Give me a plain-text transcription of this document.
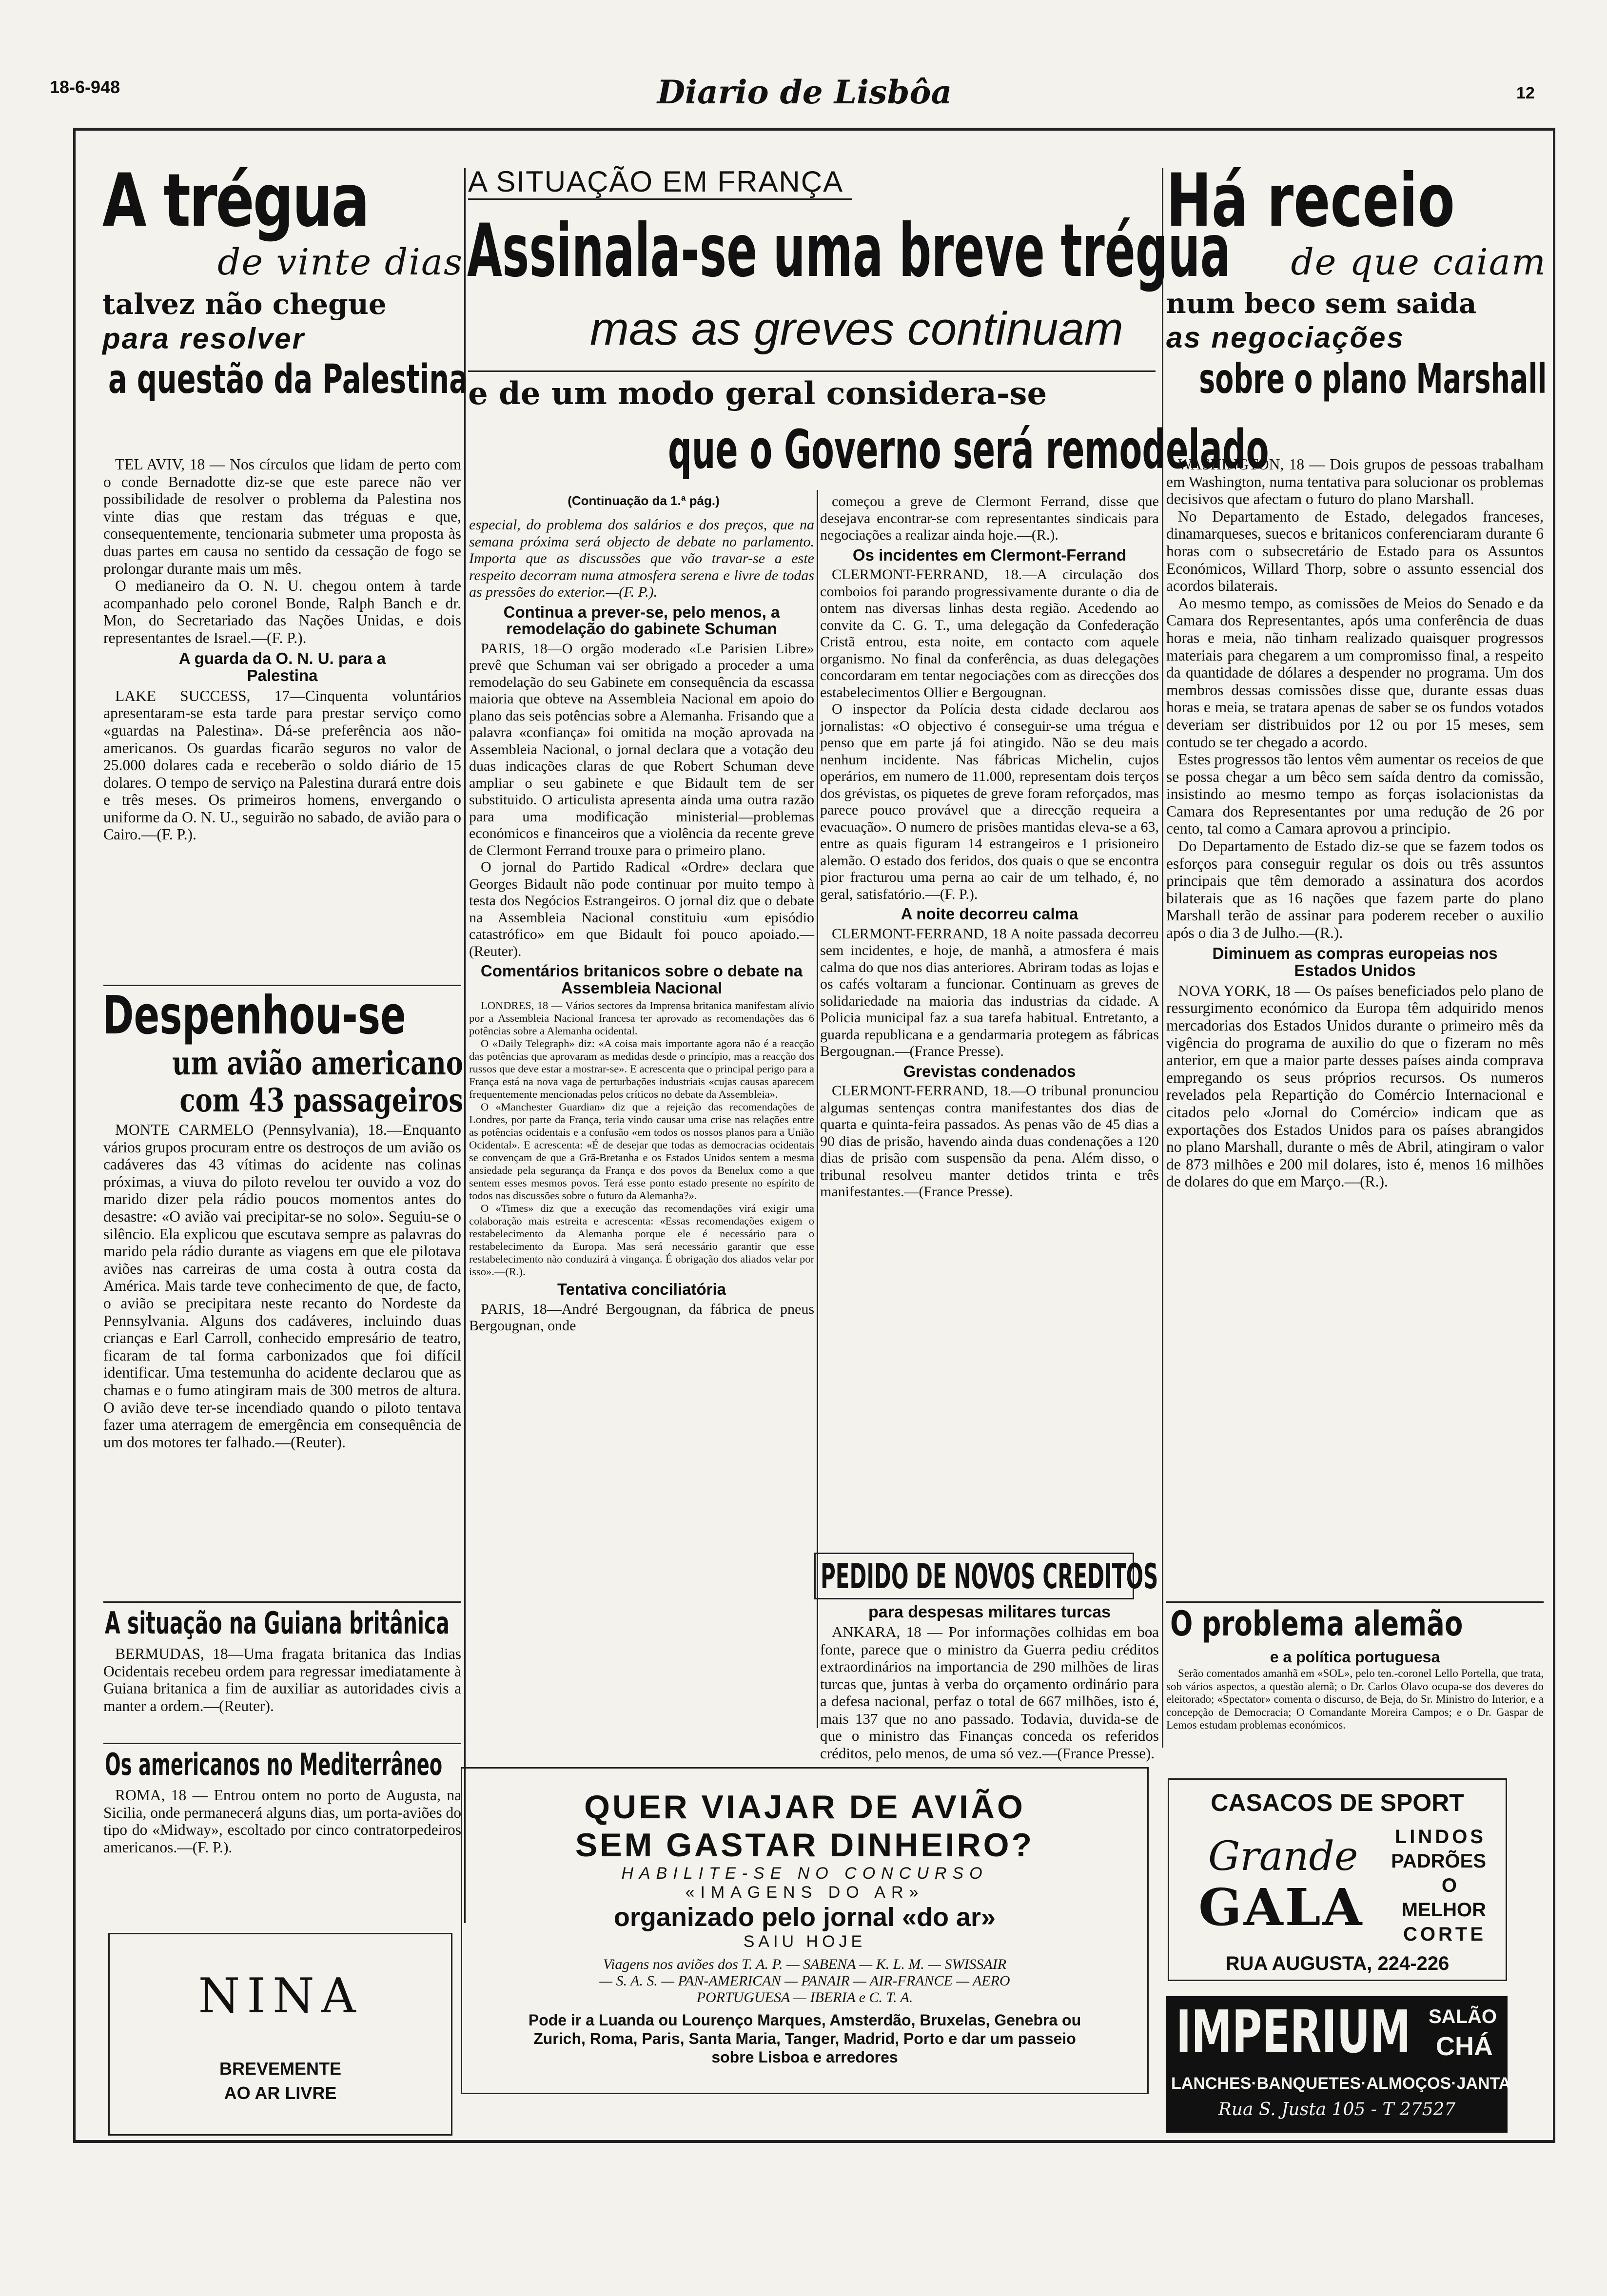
18-6-948	Diario de Lisbôa	12
A trégua
de vinte dias
talvez não chegue
para resolver
a questão da Palestina

TEL AVIV, 18 — Nos círculos que lidam de perto com o conde Bernadotte diz-se que este parece não ver possibilidade de resolver o problema da Palestina nos vinte dias que restam das tréguas e que, consequentemente, tencionaria submeter uma proposta às duas partes em causa no sentido da cessação de fogo se prolongar durante mais um mês.

O medianeiro da O. N. U. chegou ontem à tarde acompanhado pelo coronel Bonde, Ralph Banch e dr. Mon, do Secretariado das Nações Unidas, e dois representantes de Israel.—(F. P.).

A guarda da O. N. U. para a Palestina

LAKE SUCCESS, 17—Cinquenta voluntários apresentaram-se esta tarde para prestar serviço como «guardas na Palestina». Dá-se preferência aos não-americanos. Os guardas ficarão seguros no valor de 25.000 dolares cada e receberão o soldo diário de 15 dolares. O tempo de serviço na Palestina durará entre dois e três meses. Os primeiros homens, envergando o uniforme da O. N. U., seguirão no sabado, de avião para o Cairo.—(F. P.).

Despenhou-se
um avião americano
com 43 passageiros

MONTE CARMELO (Pennsylvania), 18.—Enquanto vários grupos procuram entre os destroços de um avião os cadáveres das 43 vítimas do acidente nas colinas próximas, a viuva do piloto revelou ter ouvido a voz do marido dizer pela rádio poucos momentos antes do desastre: «O avião vai precipitar-se no solo». Seguiu-se o silêncio. Ela explicou que escutava sempre as palavras do marido pela rádio durante as viagens em que ele pilotava aviões nas carreiras de uma costa à outra costa da América. Mais tarde teve conhecimento de que, de facto, o avião se precipitara neste recanto do Nordeste da Pennsylvania. Alguns dos cadáveres, incluindo duas crianças e Earl Carroll, conhecido empresário de teatro, ficaram de tal forma carbonizados que foi difícil identificar. Uma testemunha do acidente declarou que as chamas e o fumo atingiram mais de 300 metros de altura. O avião deve ter-se incendiado quando o piloto tentava fazer uma aterragem de emergência em consequência de um dos motores ter falhado.—(Reuter).

A situação na Guiana britânica

BERMUDAS, 18—Uma fragata britanica das Indias Ocidentais recebeu ordem para regressar imediatamente à Guiana britanica a fim de auxiliar as autoridades civis a manter a ordem.—(Reuter).

Os americanos no Mediterrâneo

ROMA, 18 — Entrou ontem no porto de Augusta, na Sicilia, onde permanecerá alguns dias, um porta-aviões do tipo do «Midway», escoltado por cinco contratorpedeiros americanos.—(F. P.).

NINA
BREVEMENTE
AO AR LIVRE
A SITUAÇÃO EM FRANÇA
Assinala-se uma breve trégua
mas as greves continuam
e de um modo geral considera-se
que o Governo será remodelado
(Continuação da 1.ª pág.)

especial, do problema dos salários e dos preços, que na semana próxima será objecto de debate no parlamento. Importa que as discussões que vão travar-se a este respeito decorram numa atmosfera serena e livre de todas as pressões do exterior.—(F. P.).

Continua a prever-se, pelo menos, a remodelação do gabinete Schuman

PARIS, 18—O orgão moderado «Le Parisien Libre» prevê que Schuman vai ser obrigado a proceder a uma remodelação do seu Gabinete em consequência da escassa maioria que obteve na Assembleia Nacional em apoio do plano das seis potências sobre a Alemanha. Frisando que a palavra «confiança» foi omitida na moção aprovada na Assembleia Nacional, o jornal declara que a votação deu duas indicações claras de que Robert Schuman deve ampliar o seu gabinete e que Bidault tem de ser substituido. O articulista apresenta ainda uma outra razão para uma modificação ministerial—problemas económicos e financeiros que a violência da recente greve de Clermont Ferrand trouxe para o primeiro plano.

O jornal do Partido Radical «Ordre» declara que Georges Bidault não pode continuar por muito tempo à testa dos Negócios Estrangeiros. O jornal diz que o debate na Assembleia Nacional constituiu «um episódio catastrófico» em que Bidault foi pouco apoiado.—(Reuter).

Comentários britanicos sobre o debate na Assembleia Nacional

LONDRES, 18 — Vários sectores da Imprensa britanica manifestam alívio por a Assembleia Nacional francesa ter aprovado as recomendações das 6 potências sobre a Alemanha ocidental.

O «Daily Telegraph» diz: «A coisa mais importante agora não é a reacção das potências que aprovaram as medidas desde o princípio, mas a reacção dos russos que deve estar a mostrar-se». E acrescenta que o principal perigo para a França está na nova vaga de perturbações industriais «cujas causas aparecem frequentemente mencionadas pelos críticos no debate da Assembleia».

O «Manchester Guardian» diz que a rejeição das recomendações de Londres, por parte da França, teria vindo causar uma crise nas relações entre as potências ocidentais e a confusão «em todos os nossos planos para a União Ocidental». E acrescenta: «É de desejar que todas as democracias ocidentais se convençam de que a Grã-Bretanha e os Estados Unidos sentem a mesma ansiedade pela segurança da França e dos povos da Benelux como a que sentem esses mesmos povos. Terá esse ponto estado presente no espírito de todos nas discussões sobre o futuro da Alemanha?».

O «Times» diz que a execução das recomendações virá exigir uma colaboração mais estreita e acrescenta: «Essas recomendações exigem o restabelecimento da Alemanha porque ele é necessário para o restabelecimento da Europa. Mas será necessário garantir que esse restabelecimento não conduzirá à vingança. É obrigação dos aliados velar por isso».—(R.).

Tentativa conciliatória

PARIS, 18—André Bergougnan, da fábrica de pneus Bergougnan, onde

começou a greve de Clermont Ferrand, disse que desejava encontrar-se com representantes sindicais para negociações a realizar ainda hoje.—(R.).

Os incidentes em Clermont-Ferrand

CLERMONT-FERRAND, 18.—A circulação dos comboios foi parando progressivamente durante o dia de ontem nas diversas linhas desta região. Acedendo ao convite da C. G. T., uma delegação da Confederação Cristã entrou, esta noite, em contacto com aquele organismo. No final da conferência, as duas delegações concordaram em tentar negociações com as direcções dos estabelecimentos Ollier e Bergougnan.

O inspector da Polícia desta cidade declarou aos jornalistas: «O objectivo é conseguir-se uma trégua e penso que em parte já foi atingido. Não se deu mais nenhum incidente. Nas fábricas Michelin, cujos operários, em numero de 11.000, representam dois terços dos grévistas, os piquetes de greve foram reforçados, mas parece pouco provável que a direcção requeira a evacuação». O numero de prisões mantidas eleva-se a 63, entre as quais figuram 14 estrangeiros e 1 prisioneiro alemão. O estado dos feridos, dos quais o que se encontra pior fracturou uma perna ao cair de um telhado, é, no geral, satisfatório.—(F. P.).

A noite decorreu calma

CLERMONT-FERRAND, 18 A noite passada decorreu sem incidentes, e hoje, de manhã, a atmosfera é mais calma do que nos dias anteriores. Abriram todas as lojas e os cafés voltaram a funcionar. Continuam as greves de solidariedade na maioria das industrias da cidade. A Policia municipal faz a sua tarefa habitual. Entretanto, a guarda republicana e a gendarmaria protegem as fábricas Bergougnan.—(France Presse).

Grevistas condenados

CLERMONT-FERRAND, 18.—O tribunal pronunciou algumas sentenças contra manifestantes dos dias de quarta e quinta-feira passados. As penas vão de 45 dias a 90 dias de prisão, havendo ainda duas condenações a 120 dias de prisão com suspensão da pena. Além disso, o tribunal resolveu manter detidos trinta e três manifestantes.—(France Presse).

PEDIDO DE NOVOS CREDITOS
para despesas militares turcas

ANKARA, 18 — Por informações colhidas em boa fonte, parece que o ministro da Guerra pediu créditos extraordinários na importancia de 290 milhões de liras turcas que, juntas à verba do orçamento ordinário para a defesa nacional, perfaz o total de 667 milhões, isto é, mais 137 que no ano passado. Todavia, duvida-se de que o ministro das Finanças conceda os referidos créditos, pelo menos, de uma só vez.—(France Presse).

QUER VIAJAR DE AVIÃO
SEM GASTAR DINHEIRO?
HABILITE-SE NO CONCURSO
«IMAGENS DO AR»
organizado pelo jornal «do ar»
SAIU HOJE
Viagens nos aviões dos T. A. P. — SABENA — K. L. M. — SWISSAIR
— S. A. S. — PAN-AMERICAN — PANAIR — AIR-FRANCE — AERO
PORTUGUESA — IBERIA e C. T. A.
Pode ir a Luanda ou Lourenço Marques, Amsterdão, Bruxelas, Genebra ou Zurich, Roma, Paris, Santa Maria, Tanger, Madrid, Porto e dar um passeio sobre Lisboa e arredores
Há receio
de que caiam
num beco sem saida
as negociações
sobre o plano Marshall

WASHINGTON, 18 — Dois grupos de pessoas trabalham em Washington, numa tentativa para solucionar os problemas decisivos que afectam o futuro do plano Marshall.

No Departamento de Estado, delegados franceses, dinamarqueses, suecos e britanicos conferenciaram durante 6 horas com o subsecretário de Estado para os Assuntos Económicos, Willard Thorp, sobre o assunto essencial dos acordos bilaterais.

Ao mesmo tempo, as comissões de Meios do Senado e da Camara dos Representantes, após uma conferência de duas horas e meia, não tinham realizado quaisquer progressos materiais para chegarem a um compromisso final, a respeito da quantidade de dólares a despender no programa. Um dos membros dessas comissões disse que, durante essas duas horas e meia, se tratara apenas de saber se os fundos votados deveriam ser distribuidos por 12 ou por 15 meses, sem contudo se ter chegado a acordo.

Estes progressos tão lentos vêm aumentar os receios de que se possa chegar a um bêco sem saída dentro da comissão, insistindo ao mesmo tempo as forças isolacionistas da Camara dos Representantes por uma redução de 26 por cento, tal como a Camara aprovou a principio.

Do Departamento de Estado diz-se que se fazem todos os esforços para conseguir regular os dois ou três assuntos principais que têm demorado a assinatura dos acordos bilaterais que as 16 nações que fazem parte do plano Marshall terão de assinar para poderem receber o auxilio após o dia 3 de Julho.—(R.).

Diminuem as compras europeias nos Estados Unidos

NOVA YORK, 18 — Os países beneficiados pelo plano de ressurgimento económico da Europa têm adquirido menos mercadorias dos Estados Unidos durante o primeiro mês da vigência do programa de auxilio do que o fizeram no mês anterior, em que a maior parte desses países ainda comprava empregando os seus próprios recursos. Os numeros revelados pela Repartição do Comércio Internacional e citados pelo «Jornal do Comércio» indicam que as exportações dos Estados Unidos para os países abrangidos no plano Marshall, durante o mês de Abril, atingiram o valor de 873 milhões e 200 mil dolares, isto é, menos 16 milhões de dolares do que em Março.—(R.).

O problema alemão
e a política portuguesa

Serão comentados amanhã em «SOL», pelo ten.-coronel Lello Portella, que trata, sob vários aspectos, a questão alemã; o Dr. Carlos Olavo ocupa-se dos deveres do eleitorado; «Spectator» comenta o discurso, de Beja, do Sr. Ministro do Interior, e a concepção de Democracia; O Comandante Moreira Campos; e o Dr. Gaspar de Lemos estudam problemas económicos.

CASACOS DE SPORT
Grande
GALA
LINDOS
PADRÕES
O
MELHOR
CORTE
RUA AUGUSTA, 224-226
IMPERIUM SALÃO
CHÁ
LANCHES·BANQUETES·ALMOÇOS·JANTARES
Rua S. Justa 105 - T 27527
